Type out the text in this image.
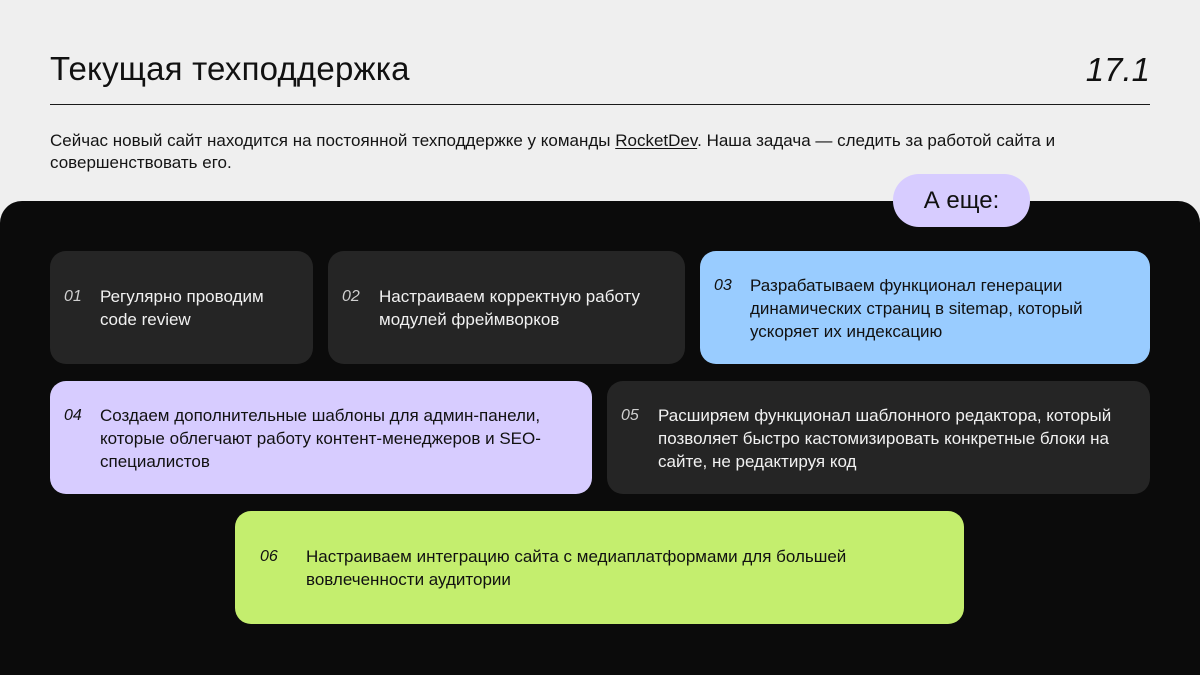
Текущая техподдержка	17.1
Сейчас новый сайт находится на постоянной техподдержке у команды RocketDev. Наша задача — следить за работой сайта и совершенствовать его.
А еще:
01	Регулярно проводим code review
02	Настраиваем корректную работу модулей фреймворков
03	Разрабатываем функционал генерации динамических страниц в sitemap, который ускоряет их индексацию
04	Создаем дополнительные шаблоны для админ-панели, которые облегчают работу контент-менеджеров и SEO-специалистов
05	Расширяем функционал шаблонного редактора, который позволяет быстро кастомизировать конкретные блоки на сайте, не редактируя код
06	Настраиваем интеграцию сайта с медиаплатформами для большей вовлеченности аудитории
